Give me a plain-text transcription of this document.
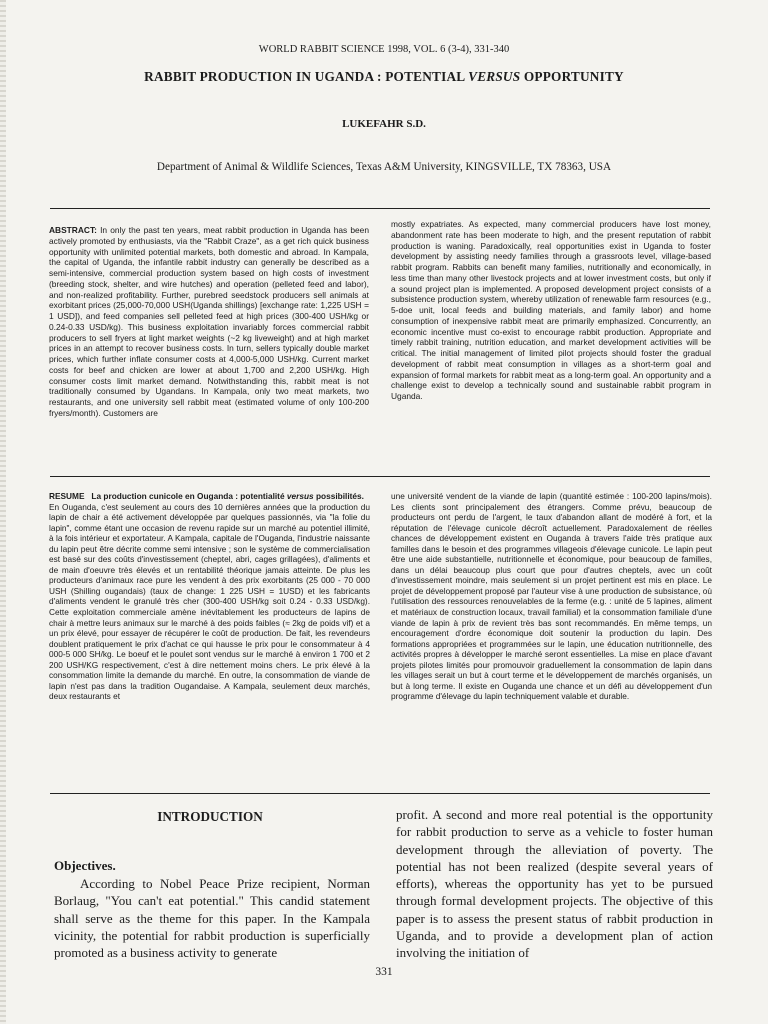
WORLD RABBIT SCIENCE 1998, VOL. 6 (3-4), 331-340
RABBIT PRODUCTION IN UGANDA : POTENTIAL VERSUS OPPORTUNITY
LUKEFAHR S.D.
Department of Animal & Wildlife Sciences, Texas A&M University, KINGSVILLE, TX 78363, USA
ABSTRACT: In only the past ten years, meat rabbit production in Uganda has been actively promoted by enthusiasts, via the "Rabbit Craze", as a get rich quick business opportunity with unlimited potential markets, both domestic and abroad. In Kampala, the capital of Uganda, the infantile rabbit industry can generally be described as a semi-intensive, commercial production system based on high costs of investment (breeding stock, shelter, and wire hutches) and operation (pelleted feed and labor), and non-realized profitability. Further, purebred seedstock producers sell animals at exorbitant prices (25,000-70,000 USH(Uganda shillings) [exchange rate: 1,225 USH = 1 USD]), and feed companies sell pelleted feed at high prices (300-400 USH/kg or 0.24-0.33 USD/kg). This business exploitation invariably forces commercial rabbit producers to sell fryers at light market weights (~2 kg liveweight) and at high market prices in an attempt to recover business costs. In turn, sellers typically double market prices, which further inflate consumer costs at 4,000-5,000 USH/kg. Current market costs for beef and chicken are lower at about 1,700 and 2,200 USH/kg. High consumer costs limit market demand. Notwithstanding this, rabbit meat is not traditionally consumed by Ugandans. In Kampala, only two meat markets, two restaurants, and one university sell rabbit meat (estimated volume of only 100-200 fryers/month). Customers are
mostly expatriates. As expected, many commercial producers have lost money, abandonment rate has been moderate to high, and the present reputation of rabbit production is waning. Paradoxically, real opportunities exist in Uganda to foster development by assisting needy families through a grassroots level, village-based rabbit program. Rabbits can benefit many families, nutritionally and economically, in less time than many other livestock projects and at lower investment costs, but only if a sound project plan is implemented. A proposed development project consists of a subsistence production system, whereby utilization of renewable farm resources (e.g., 5-doe unit, local feeds and building materials, and family labor) and home consumption of inexpensive rabbit meat are primarily emphasized. Concurrently, an economic incentive must co-exist to encourage rabbit production. Appropriate and timely rabbit training, nutrition education, and market development activities will be critical. The initial management of limited pilot projects should foster the gradual development of rabbit meat consumption in villages as a short-term goal and expansion of formal markets for rabbit meat as a long-term goal. An opportunity and a challenge exist to develop a technically sound and sustainable rabbit program in Uganda.
RESUME La production cunicole en Ouganda : potentialité versus possibilités.
En Ouganda, c'est seulement au cours des 10 dernières années que la production du lapin de chair a été activement développée par quelques passionnés, via "la folie du lapin", comme étant une occasion de revenu rapide sur un marché au potentiel illimité, à la fois intérieur et exportateur. A Kampala, capitale de l'Ouganda, l'industrie naissante du lapin peut être décrite comme semi intensive ; son le système de commercialisation est basé sur des coûts d'investissement (cheptel, abri, cages grillagées), d'aliments et de main d'oeuvre très élevés et un rentabilité théorique jamais atteinte. De plus les producteurs d'animaux race pure les vendent à des prix exorbitants (25 000 - 70 000 USH (Shilling ougandais) (taux de change: 1 225 USH = 1USD) et les fabricants d'aliments vendent le granulé très cher (300-400 USH/kg soit 0.24 - 0.33 USD/kg). Cette exploitation commerciale amène inévitablement les producteurs de lapins de chair à mettre leurs animaux sur le marché à des poids faibles (≈ 2kg de poids vif) et a un prix élevé, pour essayer de récupérer le coût de production. De fait, les revendeurs doublent pratiquement le prix d'achat ce qui hausse le prix pour le consommateur à 4 000-5 000 SH/kg. Le boeuf et le poulet sont vendus sur le marché à environ 1 700 et 2 200 USH/KG respectivement, c'est à dire nettement moins chers. Le prix élevé à la consommation limite la demande du marché. En outre, la consommation de viande de lapin n'est pas dans la tradition Ougandaise. A Kampala, seulement deux marchés, deux restaurants et
une université vendent de la viande de lapin (quantité estimée : 100-200 lapins/mois). Les clients sont principalement des étrangers. Comme prévu, beaucoup de producteurs ont perdu de l'argent, le taux d'abandon allant de modéré à fort, et la réputation de l'élevage cunicole décroît actuellement. Paradoxalement de réelles chances de développement existent en Ouganda à travers l'aide très pratique aux familles dans le besoin et des programmes villageois d'élevage cunicole. Le lapin peut être une aide substantielle, nutritionnelle et économique, pour beaucoup de familles, dans un délai beaucoup plus court que pour d'autres cheptels, avec un coût d'investissement moindre, mais seulement si un projet pertinent est mis en place. Le projet de développement proposé par l'auteur vise à une production de subsistance, où l'utilisation des ressources renouvelables de la ferme (e.g. : unité de 5 lapines, aliment et matériaux de construction locaux, travail familial) et la consommation familiale d'une viande de lapin à prix de revient très bas sont recommandés. En même temps, un encouragement d'ordre économique doit soutenir la production du lapin. Des formations appropriées et programmées sur le lapin, une éducation nutritionnelle, des activités propres à développer le marché seront essentielles. La mise en place d'avant projets pilotes limités pour promouvoir graduellement la consommation de lapin dans les villages serait un but à court terme et le développement de marchés organisés, un but à long terme. Il existe en Ouganda une chance et un défi au développement d'un programme d'élevage du lapin techniquement valable et durable.
INTRODUCTION
Objectives.

According to Nobel Peace Prize recipient, Norman Borlaug, "You can't eat potential." This candid statement shall serve as the theme for this paper. In the Kampala vicinity, the potential for rabbit production is superficially promoted as a business activity to generate

profit. A second and more real potential is the opportunity for rabbit production to serve as a vehicle to foster human development through the alleviation of poverty. The potential has not been realized (despite several years of efforts), whereas the opportunity has yet to be pursued through formal development projects. The objective of this paper is to assess the present status of rabbit production in Uganda, and to provide a development plan of action involving the initiation of

331
